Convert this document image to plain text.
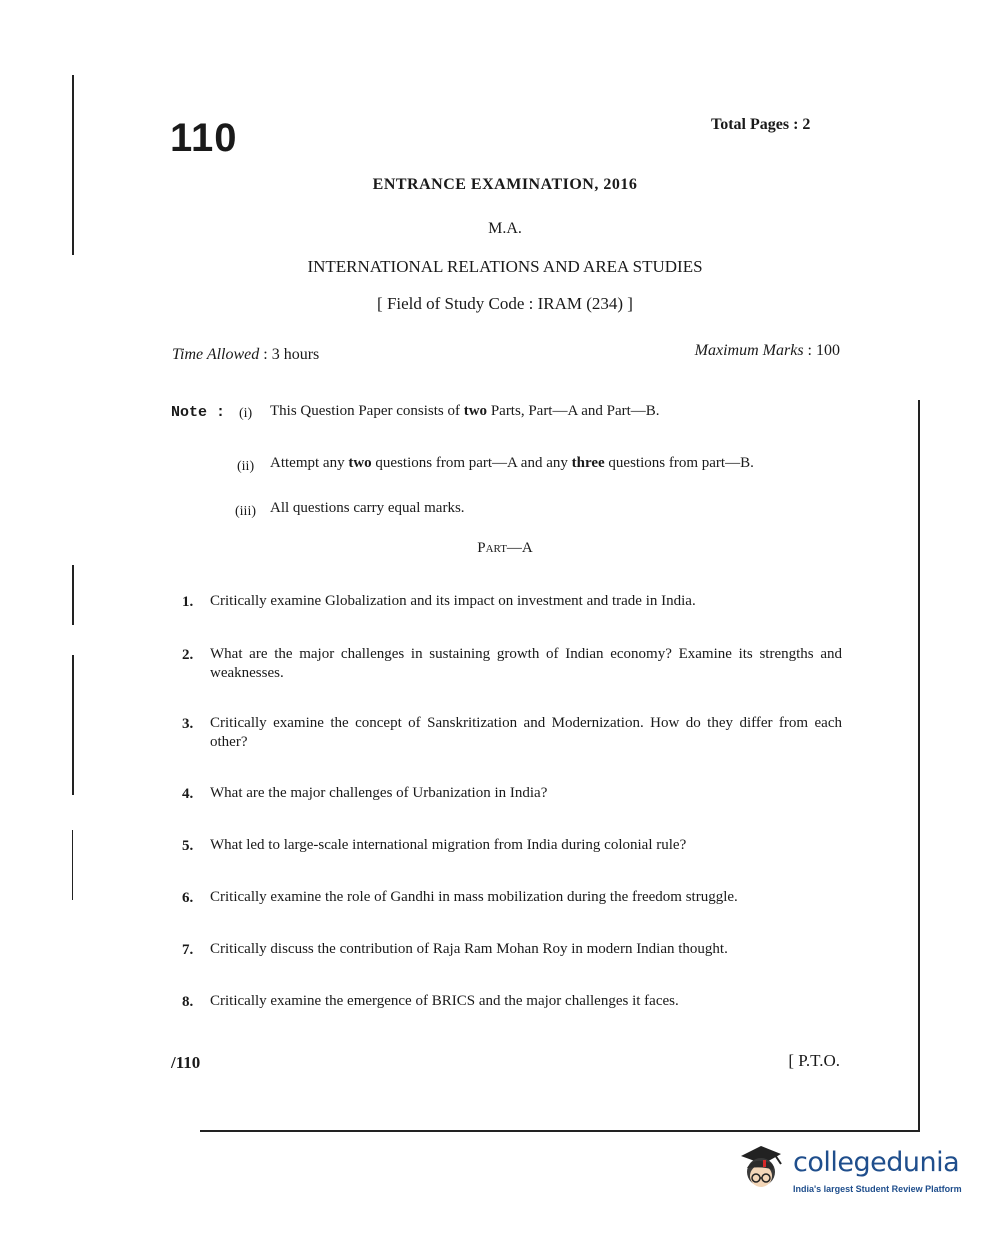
110	Total Pages : 2
ENTRANCE EXAMINATION, 2016
M.A.
INTERNATIONAL RELATIONS AND AREA STUDIES
[ Field of Study Code : IRAM (234) ]
Time Allowed : 3 hours	Maximum Marks : 100
Note : (i) This Question Paper consists of two Parts, Part—A and Part—B.
(ii) Attempt any two questions from part—A and any three questions from part—B.
(iii) All questions carry equal marks.
Part—A
1. Critically examine Globalization and its impact on investment and trade in India.
2. What are the major challenges in sustaining growth of Indian economy? Examine its strengths and weaknesses.
3. Critically examine the concept of Sanskritization and Modernization. How do they differ from each other?
4. What are the major challenges of Urbanization in India?
5. What led to large-scale international migration from India during colonial rule?
6. Critically examine the role of Gandhi in mass mobilization during the freedom struggle.
7. Critically discuss the contribution of Raja Ram Mohan Roy in modern Indian thought.
8. Critically examine the emergence of BRICS and the major challenges it faces.
/110	[ P.T.O.
collegedunia
India's largest Student Review Platform
